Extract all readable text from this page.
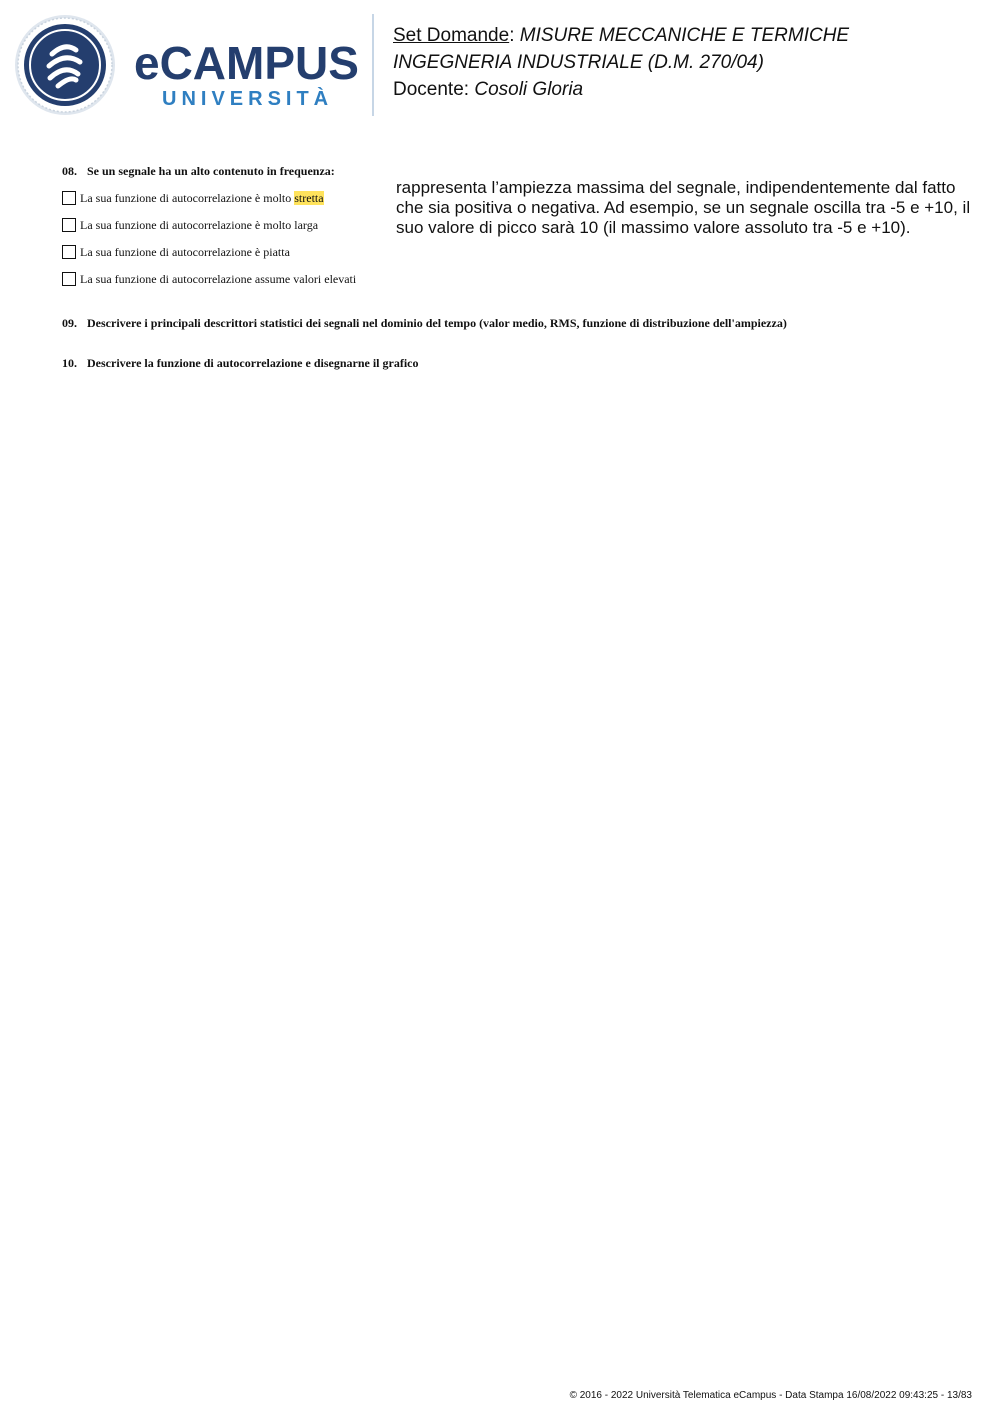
eCAMPUS
UNIVERSITÀ
Set Domande: MISURE MECCANICHE E TERMICHE
INGEGNERIA INDUSTRIALE (D.M. 270/04)
Docente: Cosoli Gloria
08. Se un segnale ha un alto contenuto in frequenza:
La sua funzione di autocorrelazione è molto stretta
La sua funzione di autocorrelazione è molto larga
La sua funzione di autocorrelazione è piatta
La sua funzione di autocorrelazione assume valori elevati
rappresenta l’ampiezza massima del segnale, indipendentemente dal fatto che sia positiva o negativa. Ad esempio, se un segnale oscilla tra -5 e +10, il suo valore di picco sarà 10 (il massimo valore assoluto tra -5 e +10).
09. Descrivere i principali descrittori statistici dei segnali nel dominio del tempo (valor medio, RMS, funzione di distribuzione dell'ampiezza)
10. Descrivere la funzione di autocorrelazione e disegnarne il grafico
© 2016 - 2022 Università Telematica eCampus - Data Stampa 16/08/2022 09:43:25 - 13/83
